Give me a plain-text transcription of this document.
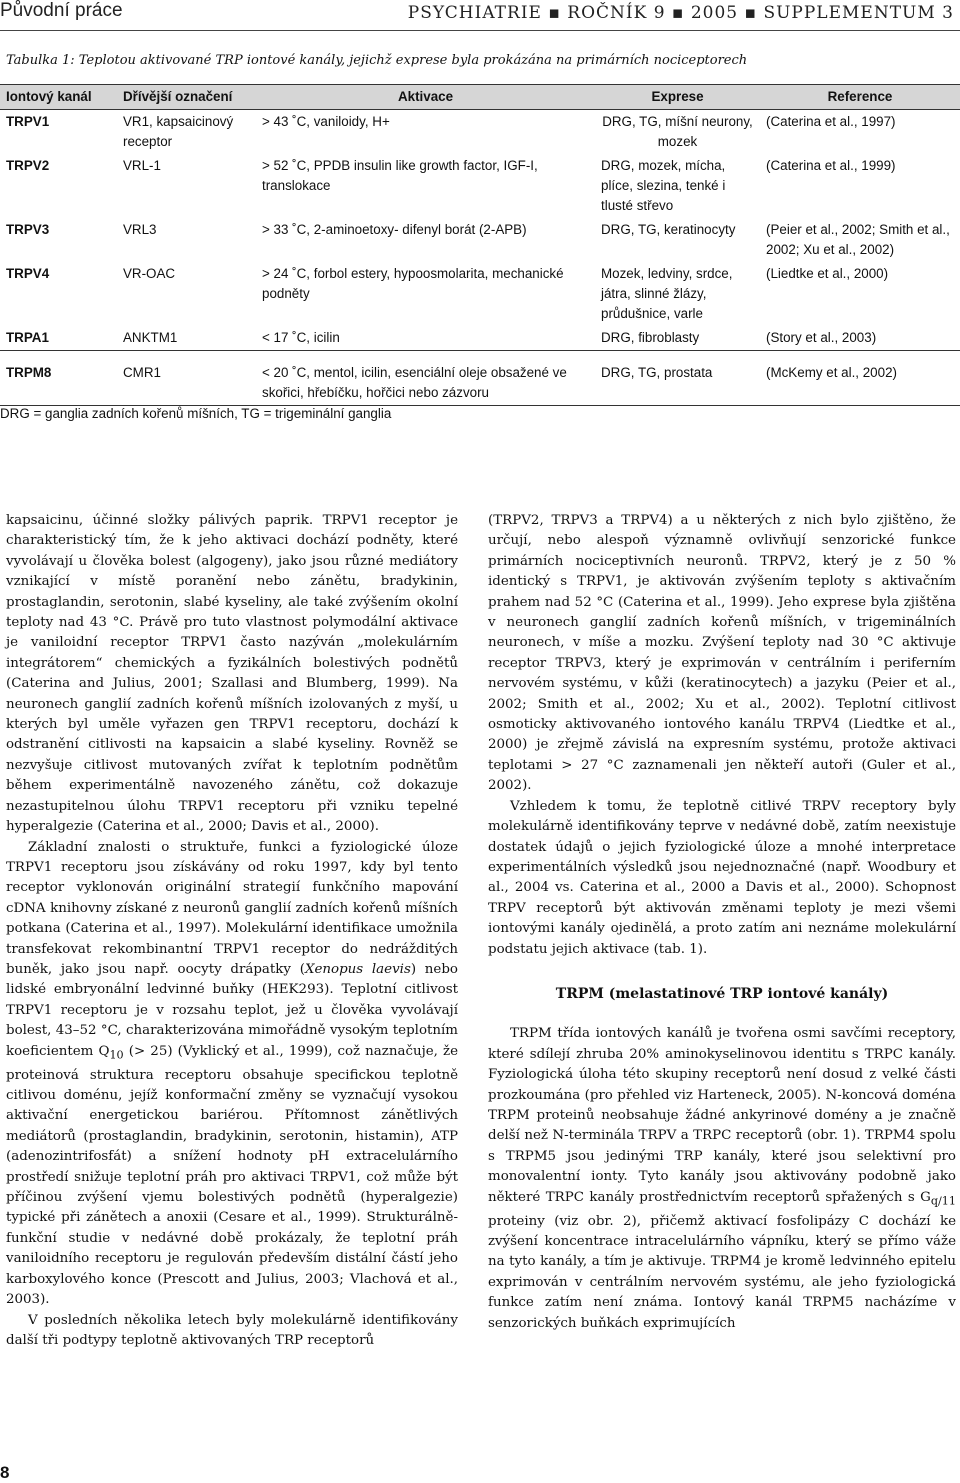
Původní práce	PSYCHIATRIE ▪ ROČNÍK 9 ▪ 2005 ▪ SUPPLEMENTUM 3
Tabulka 1: Teplotou aktivované TRP iontové kanály, jejichž exprese byla prokázána na primárních nociceptorech
Iontový kanál	Dřívější označení	Aktivace	Exprese	Reference
TRPV1	VR1, kapsaicinový receptor	> 43 ˚C, vaniloidy, H+	DRG, TG, míšní neurony, mozek	(Caterina et al., 1997)
TRPV2	VRL-1	> 52 ˚C, PPDB insulin like growth factor, IGF-I, translokace	DRG, mozek, mícha, plíce, slezina, tenké i tlusté střevo	(Caterina et al., 1999)
TRPV3	VRL3	> 33 ˚C, 2-aminoetoxy- difenyl borát (2-APB)	DRG, TG, keratinocyty	(Peier et al., 2002; Smith et al., 2002; Xu et al., 2002)
TRPV4	VR-OAC	> 24 ˚C, forbol estery, hypoosmolarita, mechanické podněty	Mozek, ledviny, srdce, játra, slinné žlázy, průdušnice, varle	(Liedtke et al., 2000)
TRPA1	ANKTM1	< 17 ˚C, icilin	DRG, fibroblasty	(Story et al., 2003)
TRPM8	CMR1	< 20 ˚C, mentol, icilin, esenciální oleje obsažené ve skořici, hřebíčku, hořčici nebo zázvoru	DRG, TG, prostata	(McKemy et al., 2002)
DRG = ganglia zadních kořenů míšních, TG = trigeminální ganglia

kapsaicinu, účinné složky pálivých paprik. TRPV1 receptor je charakteristický tím, že k jeho aktivaci dochází podněty, které vyvolávají u člověka bolest (algogeny), jako jsou různé mediátory vznikající v místě poranění nebo zánětu, bradykinin, prostaglandin, serotonin, slabé kyseliny, ale také zvýšením okolní teploty nad 43 °C. Právě pro tuto vlastnost polymodální aktivace je vaniloidní receptor TRPV1 často nazýván „molekulárním integrátorem“ chemických a fyzikálních bolestivých podnětů (Caterina and Julius, 2001; Szallasi and Blumberg, 1999). Na neuronech ganglií zadních kořenů míšních izolovaných z myší, u kterých byl uměle vyřazen gen TRPV1 receptoru, dochází k odstranění citlivosti na kapsaicin a slabé kyseliny. Rovněž se nezvyšuje citlivost mutovaných zvířat k teplotním podnětům během experimentálně navozeného zánětu, což dokazuje nezastupitelnou úlohu TRPV1 receptoru při vzniku tepelné hyperalgezie (Caterina et al., 2000; Davis et al., 2000).

Základní znalosti o struktuře, funkci a fyziologické úloze TRPV1 receptoru jsou získávány od roku 1997, kdy byl tento receptor vyklonován originální strategií funkčního mapování cDNA knihovny získané z neuronů ganglií zadních kořenů míšních potkana (Caterina et al., 1997). Molekulární identifikace umožnila transfekovat rekombinantní TRPV1 receptor do nedrážditých buněk, jako jsou např. oocyty drápatky (Xenopus laevis) nebo lidské embryonální ledvinné buňky (HEK293). Teplotní citlivost TRPV1 receptoru je v rozsahu teplot, jež u člověka vyvolávají bolest, 43–52 °C, charakterizována mimořádně vysokým teplotním koeficientem $Q_{10}$ (> 25) (Vyklický et al., 1999), což naznačuje, že proteinová struktura receptoru obsahuje specifickou teplotně citlivou doménu, jejíž konformační změny se vyznačují vysokou aktivační energetickou bariérou. Přítomnost zánětlivých mediátorů (prostaglandin, bradykinin, serotonin, histamin), ATP (adenozintrifosfát) a snížení hodnoty pH extracelulárního prostředí snižuje teplotní práh pro aktivaci TRPV1, což může být příčinou zvýšení vjemu bolestivých podnětů (hyperalgezie) typické při zánětech a anoxii (Cesare et al., 1999). Strukturálně-funkční studie v nedávné době prokázaly, že teplotní práh vaniloidního receptoru je regulován především distální částí jeho karboxylového konce (Prescott and Julius, 2003; Vlachová et al., 2003).

V posledních několika letech byly molekulárně identifikovány další tři podtypy teplotně aktivovaných TRP receptorů

(TRPV2, TRPV3 a TRPV4) a u některých z nich bylo zjištěno, že určují, nebo alespoň významně ovlivňují senzorické funkce primárních nociceptivních neuronů. TRPV2, který je z 50 % identický s TRPV1, je aktivován zvýšením teploty s aktivačním prahem nad 52 °C (Caterina et al., 1999). Jeho exprese byla zjištěna v neuronech ganglií zadních kořenů míšních, v trigeminálních neuronech, v míše a mozku. Zvýšení teploty nad 30 °C aktivuje receptor TRPV3, který je exprimován v centrálním i periferním nervovém systému, v kůži (keratinocytech) a jazyku (Peier et al., 2002; Smith et al., 2002; Xu et al., 2002). Teplotní citlivost osmoticky aktivovaného iontového kanálu TRPV4 (Liedtke et al., 2000) je zřejmě závislá na expresním systému, protože aktivaci teplotami > 27 °C zaznamenali jen někteří autoři (Guler et al., 2002).

Vzhledem k tomu, že teplotně citlivé TRPV receptory byly molekulárně identifikovány teprve v nedávné době, zatím neexistuje dostatek údajů o jejich fyziologické úloze a mnohé interpretace experimentálních výsledků jsou nejednoznačné (např. Woodbury et al., 2004 vs. Caterina et al., 2000 a Davis et al., 2000). Schopnost TRPV receptorů být aktivován změnami teploty je mezi všemi iontovými kanály ojedinělá, a proto zatím ani neznáme molekulární podstatu jejich aktivace (tab. 1).

TRPM (melastatinové TRP iontové kanály)

TRPM třída iontových kanálů je tvořena osmi savčími receptory, které sdílejí zhruba 20% aminokyselinovou identitu s TRPC kanály. Fyziologická úloha této skupiny receptorů není dosud z velké části prozkoumána (pro přehled viz Harteneck, 2005). N-koncová doména TRPM proteinů neobsahuje žádné ankyrinové domény a je značně delší než N-terminála TRPV a TRPC receptorů (obr. 1). TRPM4 spolu s TRPM5 jsou jedinými TRP kanály, které jsou selektivní pro monovalentní ionty. Tyto kanály jsou aktivovány podobně jako některé TRPC kanály prostřednictvím receptorů spřažených s $G_{q/11}$ proteiny (viz obr. 2), přičemž aktivací fosfolipázy C dochází ke zvýšení koncentrace intracelulárního vápníku, který se přímo váže na tyto kanály, a tím je aktivuje. TRPM4 je kromě ledvinného epitelu exprimován v centrálním nervovém systému, ale jeho fyziologická funkce zatím není známa. Iontový kanál TRPM5 nacházíme v senzorických buňkách exprimujících

8
